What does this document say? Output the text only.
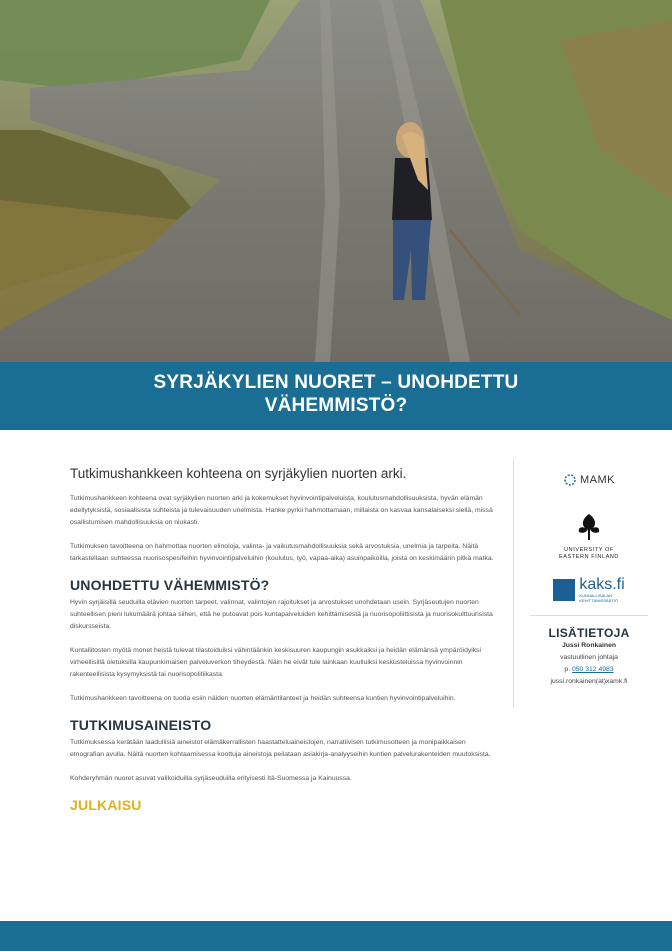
SYRJÄKYLIEN NUORET – UNOHDETTU VÄHEMMISTÖ?

Tutkimushankkeen kohteena on syrjäkylien nuorten arki.

Tutkimushankkeen kohteena ovat syrjäkylien nuorten arki ja kokemukset hyvinvointipalveluista, koulutusmahdollisuuksista, hyvän elämän edellytyksistä, sosiaalisista suhteista ja tulevaisuuden unelmista. Hanke pyrkii hahmottamaan, millaista on kasvaa kansalaiseksi siellä, missä osallistumisen mahdollisuuksia on niukasti.

Tutkimuksen tavoitteena on hahmottaa nuorten elinoloja, valinta- ja vaikutusmahdollisuuksia sekä arvostuksia, unelmia ja tarpeita. Näitä tarkastellaan suhteessa nuorisospesifeihin hyvinvointipalveluihin (koulutus, työ, vapaa-aika) asuinpaikoilla, joista on keskimäärin pitkä matka.

UNOHDETTU VÄHEMMISTÖ?

Hyvin syrjäisillä seuduilla elävien nuorten tarpeet, valinnat, valintojen rajoitukset ja arvostukset unohdetaan usein. Syrjäseutujen nuorten suhteellisen pieni lukumäärä johtaa siihen, että he putoavat pois kuntapalveluiden kehittämisestä ja nuorisopoliittisista ja nuorisokulttuurisista diskursseista.

Kuntaliitosten myötä monet heistä tulevat tilastoiduiksi vähintäänkin keskisuuren kaupungin asukkaiksi ja heidän elämänsä ympäröidyiksi virheellisillä oletuksilla kaupunkimaisen palveluverkon tiheydestä. Näin he eivät tule lainkaan kuulluiksi keskusteluissa hyvinvoinnin rakenteellisista kysymyksistä tai nuorisopolitiikasta.

Tutkimushankkeen tavoitteena on tuoda esiin näiden nuorten elämäntilanteet ja heidän suhteensa kuntien hyvinvointipalveluihin.

TUTKIMUSAINEISTO

Tutkimuksessa kerätään laadullisiä aineistot elämäkerrallisten haastatteluaineistojen, narratiivisen tutkimusotteen ja monipaikkaisen etnografian avulla. Näitä nuorten kohtaamisessa koottuja aineistoja peilataan asiakirja-analyyseihin kuntien palvelurakenteiden muutoksista.

Kohderyhmän nuoret asuvat valikoiduilla syrjäseuduilla erityisesti Itä-Suomessa ja Kainuussa.

JULKAISU
MAMK
UNIVERSITY OF
EASTERN FINLAND
kaks.fi
KUNNALLISALAN
KEHITTÄMISSÄÄTIÖ
LISÄTIETOJA
Jussi Ronkainen
vastuullinen johtaja
p. 050 312 4983
jussi.ronkainen(at)xamk.fi
